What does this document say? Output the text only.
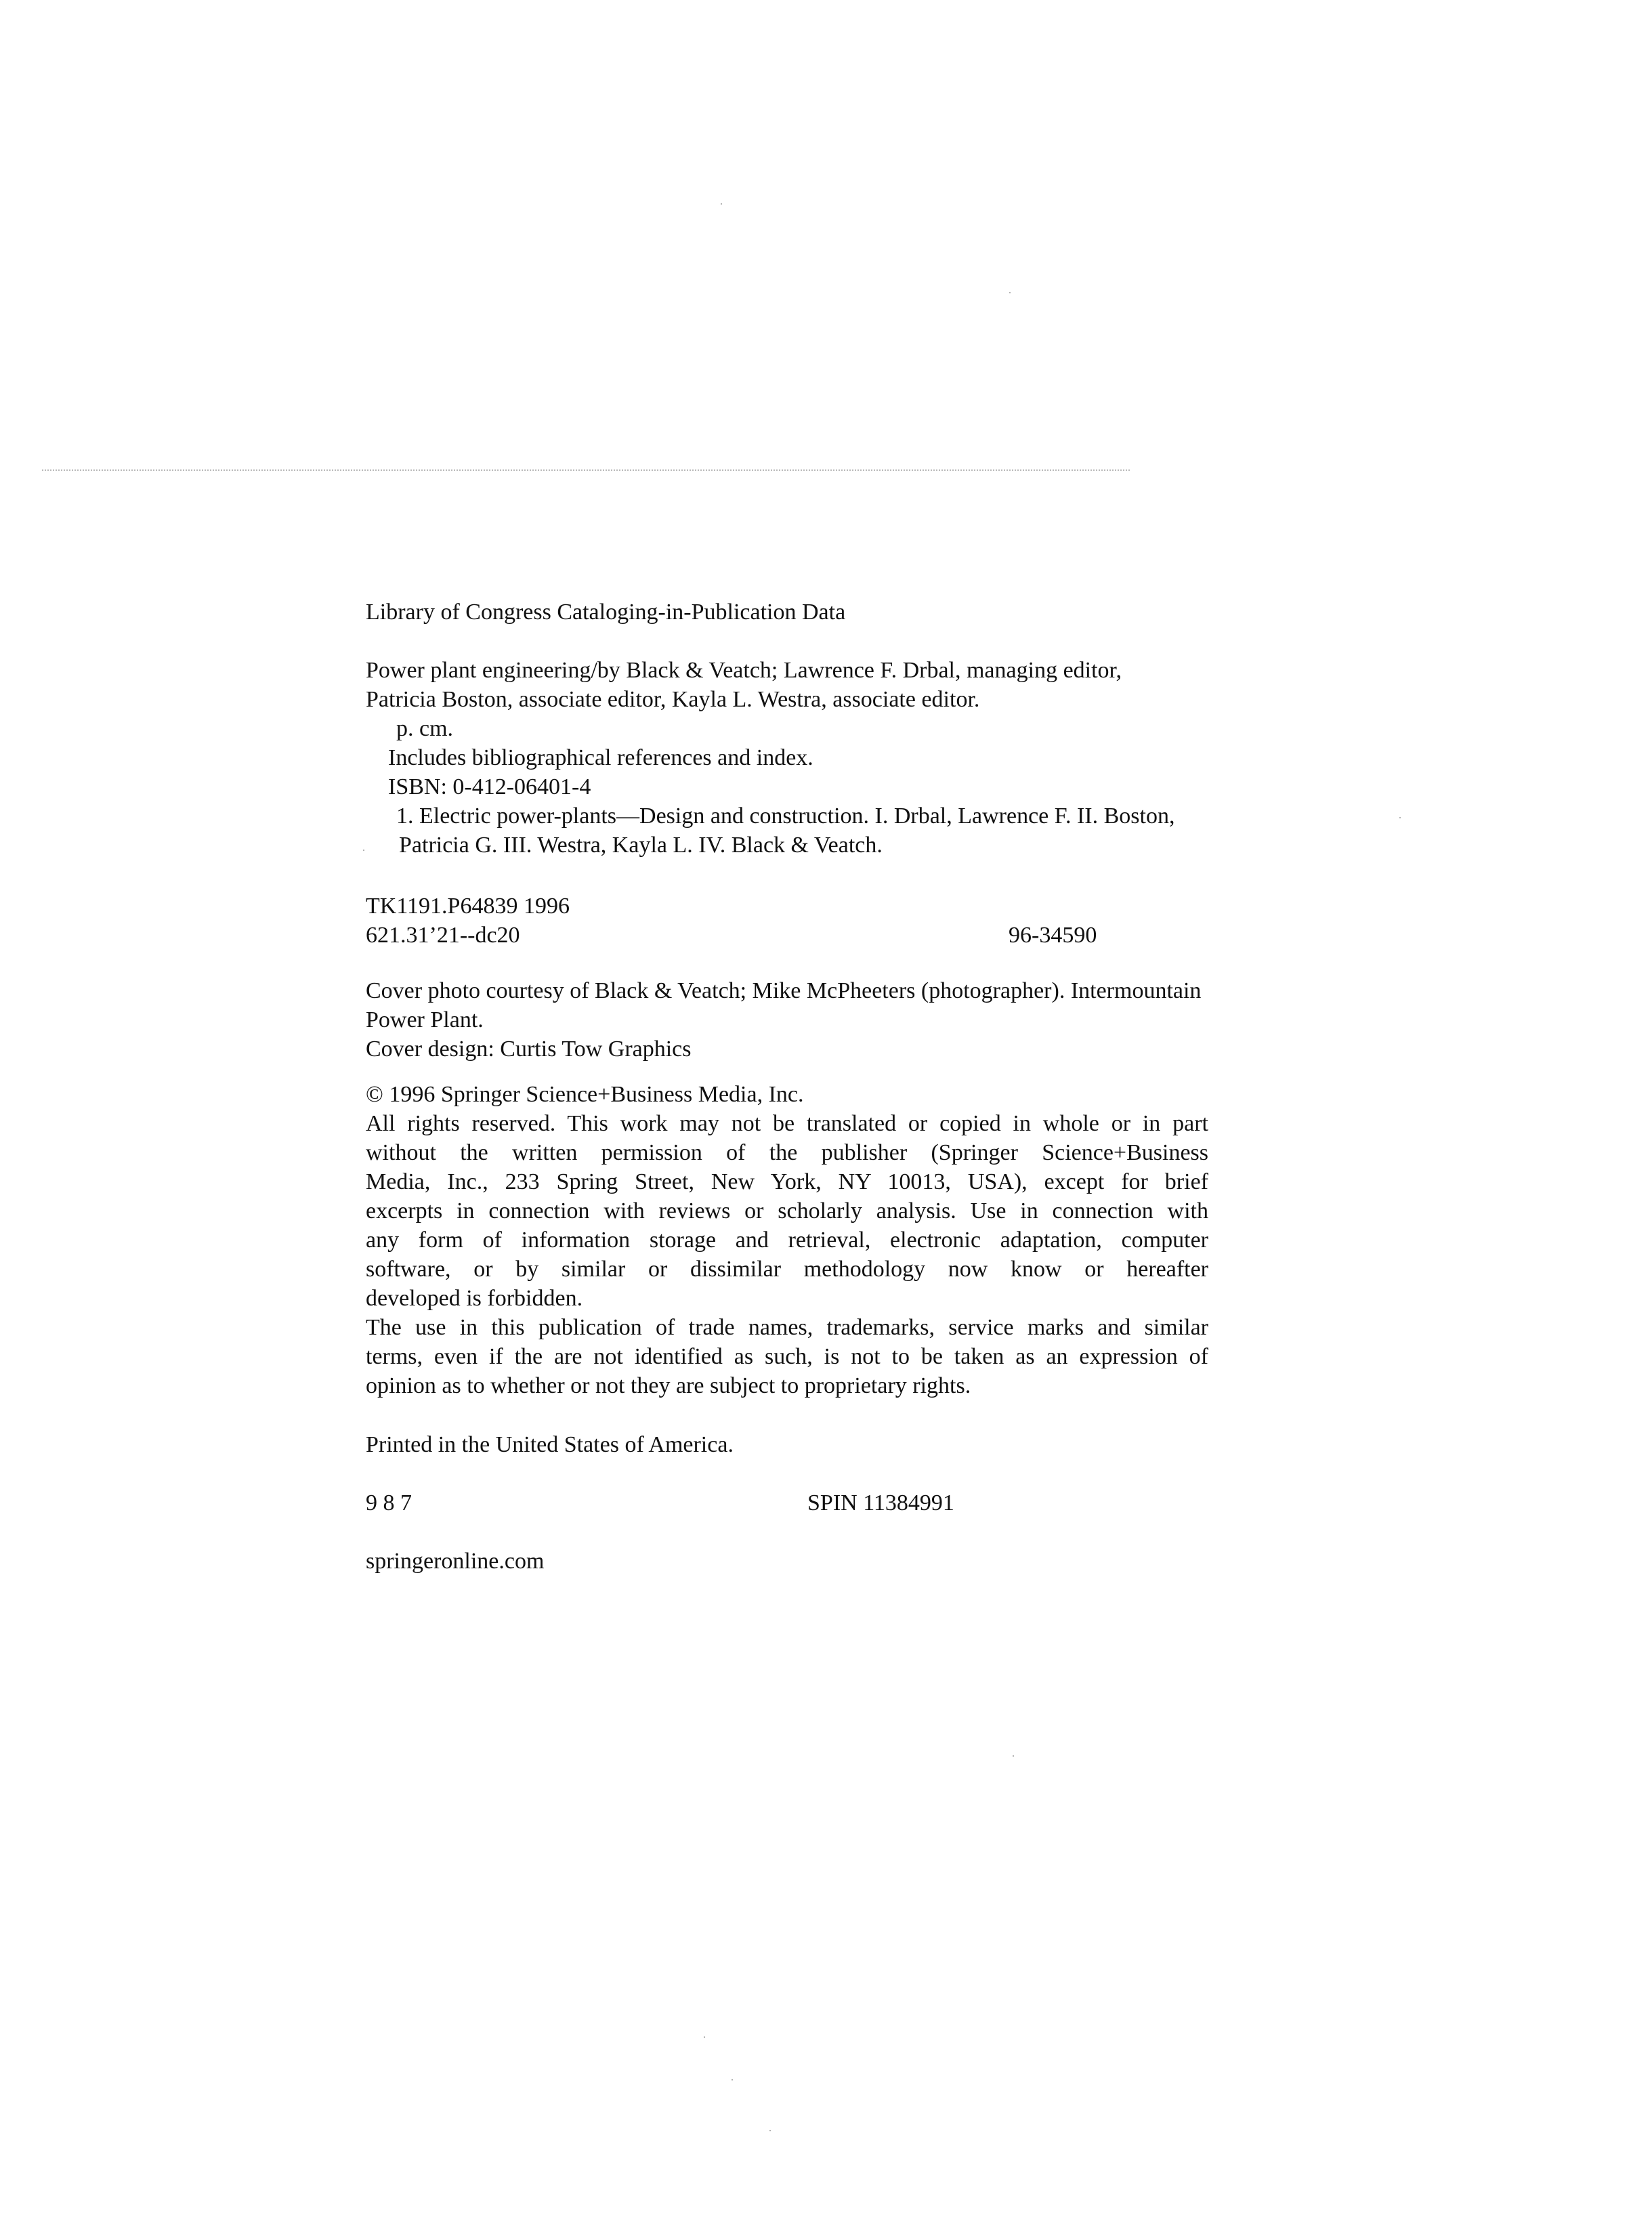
Library of Congress Cataloging-in-Publication Data
Power plant engineering/by Black & Veatch; Lawrence F. Drbal, managing editor,
Patricia Boston, associate editor, Kayla L. Westra, associate editor.
p. cm.
Includes bibliographical references and index.
ISBN: 0-412-06401-4
1. Electric power-plants—Design and construction. I. Drbal, Lawrence F. II. Boston,
Patricia G. III. Westra, Kayla L. IV. Black & Veatch.
TK1191.P64839 1996
621.31’21--dc20	96-34590
Cover photo courtesy of Black & Veatch; Mike McPheeters (photographer). Intermountain
Power Plant.
Cover design: Curtis Tow Graphics
© 1996 Springer Science+Business Media, Inc.
All rights reserved. This work may not be translated or copied in whole or in part
without the written permission of the publisher (Springer Science+Business
Media, Inc., 233 Spring Street, New York, NY 10013, USA), except for brief
excerpts in connection with reviews or scholarly analysis. Use in connection with
any form of information storage and retrieval, electronic adaptation, computer
software, or by similar or dissimilar methodology now know or hereafter
developed is forbidden.
The use in this publication of trade names, trademarks, service marks and similar
terms, even if the are not identified as such, is not to be taken as an expression of
opinion as to whether or not they are subject to proprietary rights.
Printed in the United States of America.
9 8 7	SPIN 11384991
springeronline.com
